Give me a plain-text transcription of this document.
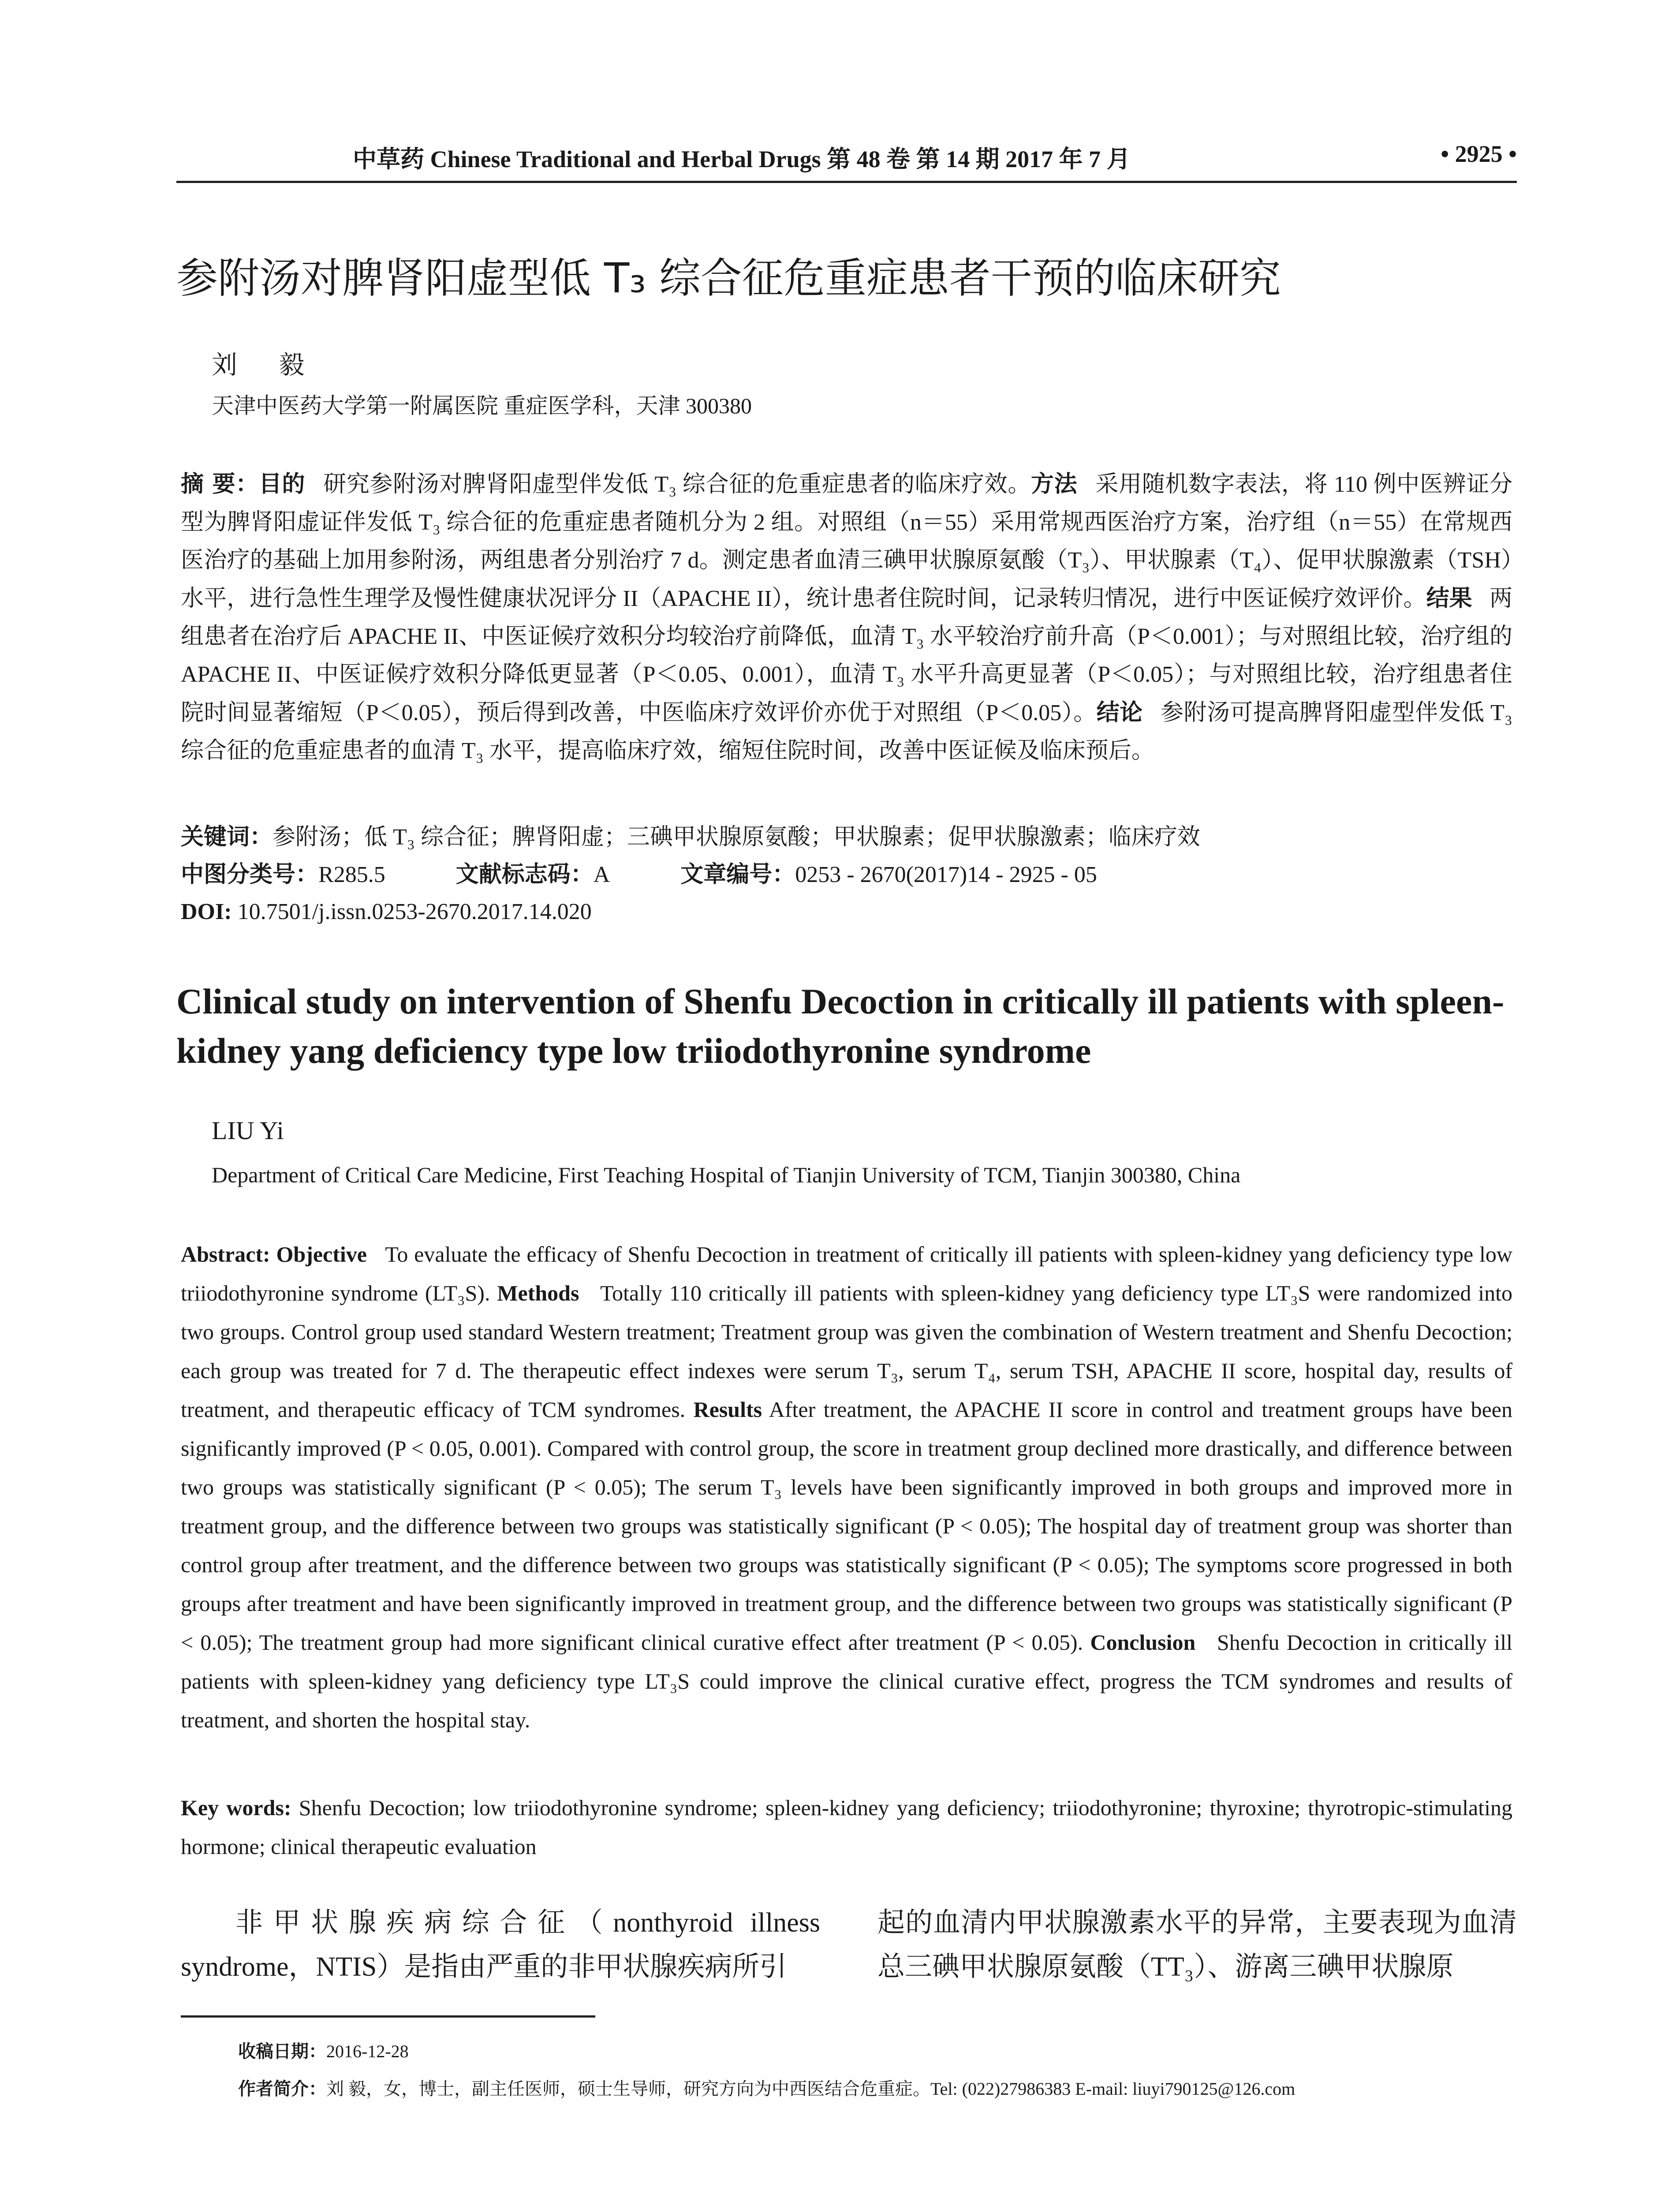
中草药 Chinese Traditional and Herbal Drugs 第 48 卷 第 14 期 2017 年 7 月	• 2925 •
参附汤对脾肾阳虚型低 T₃ 综合征危重症患者干预的临床研究
刘 毅
天津中医药大学第一附属医院 重症医学科，天津 300380
摘 要：目的 研究参附汤对脾肾阳虚型伴发低 T₃ 综合征的危重症患者的临床疗效。方法 采用随机数字表法，将 110 例中医辨证分型为脾肾阳虚证伴发低 T₃ 综合征的危重症患者随机分为 2 组。对照组（n＝55）采用常规西医治疗方案，治疗组（n＝55）在常规西医治疗的基础上加用参附汤，两组患者分别治疗 7 d。测定患者血清三碘甲状腺原氨酸（T₃）、甲状腺素（T₄）、促甲状腺激素（TSH）水平，进行急性生理学及慢性健康状况评分 II（APACHE II），统计患者住院时间，记录转归情况，进行中医证候疗效评价。结果 两组患者在治疗后 APACHE II、中医证候疗效积分均较治疗前降低，血清 T₃ 水平较治疗前升高（P＜0.001）；与对照组比较，治疗组的 APACHE II、中医证候疗效积分降低更显著（P＜0.05、0.001），血清 T₃ 水平升高更显著（P＜0.05）；与对照组比较，治疗组患者住院时间显著缩短（P＜0.05），预后得到改善，中医临床疗效评价亦优于对照组（P＜0.05）。结论 参附汤可提高脾肾阳虚型伴发低 T₃ 综合征的危重症患者的血清 T₃ 水平，提高临床疗效，缩短住院时间，改善中医证候及临床预后。
关键词：参附汤；低 T₃ 综合征；脾肾阳虚；三碘甲状腺原氨酸；甲状腺素；促甲状腺激素；临床疗效
中图分类号：R285.5	文献标志码：A	文章编号：0253 - 2670(2017)14 - 2925 - 05
DOI: 10.7501/j.issn.0253-2670.2017.14.020
Clinical study on intervention of Shenfu Decoction in critically ill patients with spleen-kidney yang deficiency type low triiodothyronine syndrome
LIU Yi
Department of Critical Care Medicine, First Teaching Hospital of Tianjin University of TCM, Tianjin 300380, China
Abstract: Objective To evaluate the efficacy of Shenfu Decoction in treatment of critically ill patients with spleen-kidney yang deficiency type low triiodothyronine syndrome (LT₃S). Methods Totally 110 critically ill patients with spleen-kidney yang deficiency type LT₃S were randomized into two groups. Control group used standard Western treatment; Treatment group was given the combination of Western treatment and Shenfu Decoction; each group was treated for 7 d. The therapeutic effect indexes were serum T₃, serum T₄, serum TSH, APACHE II score, hospital day, results of treatment, and therapeutic efficacy of TCM syndromes. Results After treatment, the APACHE II score in control and treatment groups have been significantly improved (P < 0.05, 0.001). Compared with control group, the score in treatment group declined more drastically, and difference between two groups was statistically significant (P < 0.05); The serum T₃ levels have been significantly improved in both groups and improved more in treatment group, and the difference between two groups was statistically significant (P < 0.05); The hospital day of treatment group was shorter than control group after treatment, and the difference between two groups was statistically significant (P < 0.05); The symptoms score progressed in both groups after treatment and have been significantly improved in treatment group, and the difference between two groups was statistically significant (P < 0.05); The treatment group had more significant clinical curative effect after treatment (P < 0.05). Conclusion Shenfu Decoction in critically ill patients with spleen-kidney yang deficiency type LT₃S could improve the clinical curative effect, progress the TCM syndromes and results of treatment, and shorten the hospital stay.
Key words: Shenfu Decoction; low triiodothyronine syndrome; spleen-kidney yang deficiency; triiodothyronine; thyroxine; thyrotropic-stimulating hormone; clinical therapeutic evaluation
非甲状腺疾病综合征（nonthyroid illness syndrome，NTIS）是指由严重的非甲状腺疾病所引
起的血清内甲状腺激素水平的异常，主要表现为血清总三碘甲状腺原氨酸（TT₃）、游离三碘甲状腺原
收稿日期：2016-12-28
作者简介：刘 毅，女，博士，副主任医师，硕士生导师，研究方向为中西医结合危重症。Tel: (022)27986383 E-mail: liuyi790125@126.com
